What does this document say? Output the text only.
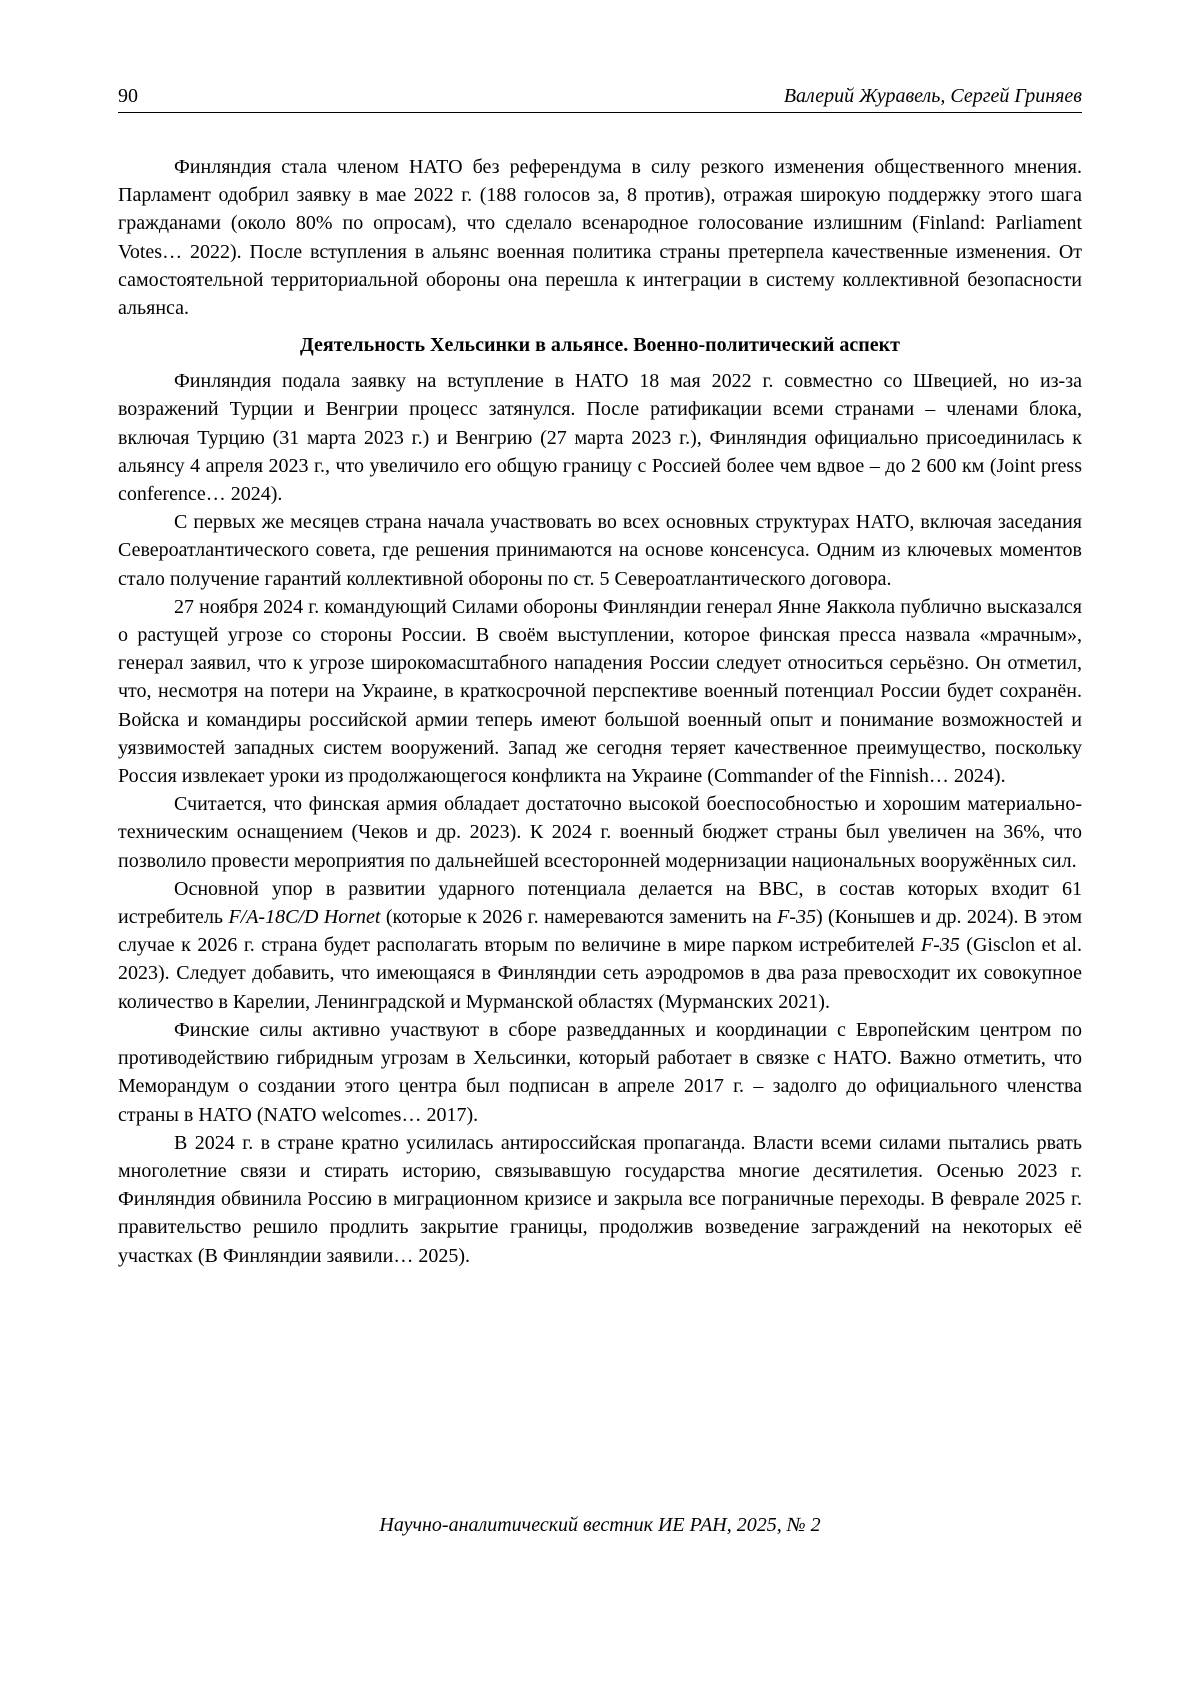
90	Валерий Журавель, Сергей Гриняев

Финляндия стала членом НАТО без референдума в силу резкого изменения общественного мнения. Парламент одобрил заявку в мае 2022 г. (188 голосов за, 8 против), отражая широкую поддержку этого шага гражданами (около 80% по опросам), что сделало всенародное голосование излишним (Finland: Parliament Votes… 2022). После вступления в альянс военная политика страны претерпела качественные изменения. От самостоятельной территориальной обороны она перешла к интеграции в систему коллективной безопасности альянса.

Деятельность Хельсинки в альянсе. Военно-политический аспект

Финляндия подала заявку на вступление в НАТО 18 мая 2022 г. совместно со Швецией, но из-за возражений Турции и Венгрии процесс затянулся. После ратификации всеми странами – членами блока, включая Турцию (31 марта 2023 г.) и Венгрию (27 марта 2023 г.), Финляндия официально присоединилась к альянсу 4 апреля 2023 г., что увеличило его общую границу с Россией более чем вдвое – до 2 600 км (Joint press conference… 2024).

С первых же месяцев страна начала участвовать во всех основных структурах НАТО, включая заседания Североатлантического совета, где решения принимаются на основе консенсуса. Одним из ключевых моментов стало получение гарантий коллективной обороны по ст. 5 Североатлантического договора.

27 ноября 2024 г. командующий Силами обороны Финляндии генерал Янне Яаккола публично высказался о растущей угрозе со стороны России. В своём выступлении, которое финская пресса назвала «мрачным», генерал заявил, что к угрозе широкомасштабного нападения России следует относиться серьёзно. Он отметил, что, несмотря на потери на Украине, в краткосрочной перспективе военный потенциал России будет сохранён. Войска и командиры российской армии теперь имеют большой военный опыт и понимание возможностей и уязвимостей западных систем вооружений. Запад же сегодня теряет качественное преимущество, поскольку Россия извлекает уроки из продолжающегося конфликта на Украине (Commander of the Finnish… 2024).

Считается, что финская армия обладает достаточно высокой боеспособностью и хорошим материально-техническим оснащением (Чеков и др. 2023). К 2024 г. военный бюджет страны был увеличен на 36%, что позволило провести мероприятия по дальнейшей всесторонней модернизации национальных вооружённых сил.

Основной упор в развитии ударного потенциала делается на ВВС, в состав которых входит 61 истребитель F/A-18C/D Hornet (которые к 2026 г. намереваются заменить на F-35) (Конышев и др. 2024). В этом случае к 2026 г. страна будет располагать вторым по величине в мире парком истребителей F-35 (Gisclon et al. 2023). Следует добавить, что имеющаяся в Финляндии сеть аэродромов в два раза превосходит их совокупное количество в Карелии, Ленинградской и Мурманской областях (Мурманских 2021).

Финские силы активно участвуют в сборе разведданных и координации с Европейским центром по противодействию гибридным угрозам в Хельсинки, который работает в связке с НАТО. Важно отметить, что Меморандум о создании этого центра был подписан в апреле 2017 г. – задолго до официального членства страны в НАТО (NATO welcomes… 2017).

В 2024 г. в стране кратно усилилась антироссийская пропаганда. Власти всеми силами пытались рвать многолетние связи и стирать историю, связывавшую государства многие десятилетия. Осенью 2023 г. Финляндия обвинила Россию в миграционном кризисе и закрыла все пограничные переходы. В феврале 2025 г. правительство решило продлить закрытие границы, продолжив возведение заграждений на некоторых её участках (В Финляндии заявили… 2025).

Научно-аналитический вестник ИЕ РАН, 2025, № 2
